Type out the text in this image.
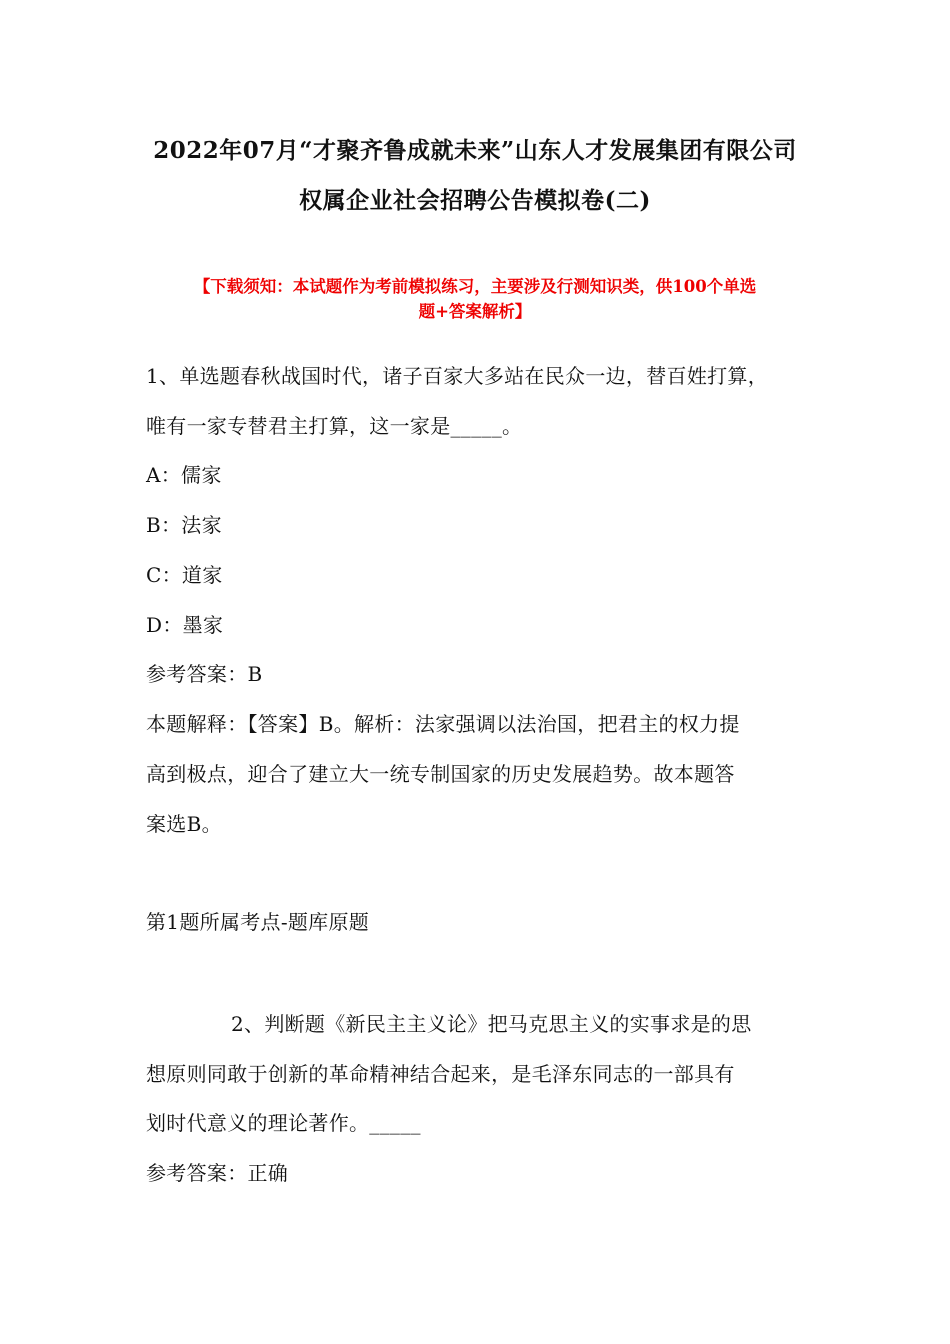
2022年07月“才聚齐鲁成就未来”山东人才发展集团有限公司
权属企业社会招聘公告模拟卷(二)
【下载须知：本试题作为考前模拟练习，主要涉及行测知识类，供100个单选
题+答案解析】
1、单选题春秋战国时代，诸子百家大多站在民众一边，替百姓打算，
唯有一家专替君主打算，这一家是_____。
A：儒家
B：法家
C：道家
D：墨家
参考答案：B
本题解释：【答案】B。解析：法家强调以法治国，把君主的权力提
高到极点，迎合了建立大一统专制国家的历史发展趋势。故本题答
案选B。
第1题所属考点-题库原题
2、判断题《新民主主义论》把马克思主义的实事求是的思
想原则同敢于创新的革命精神结合起来，是毛泽东同志的一部具有
划时代意义的理论著作。_____
参考答案：正确
